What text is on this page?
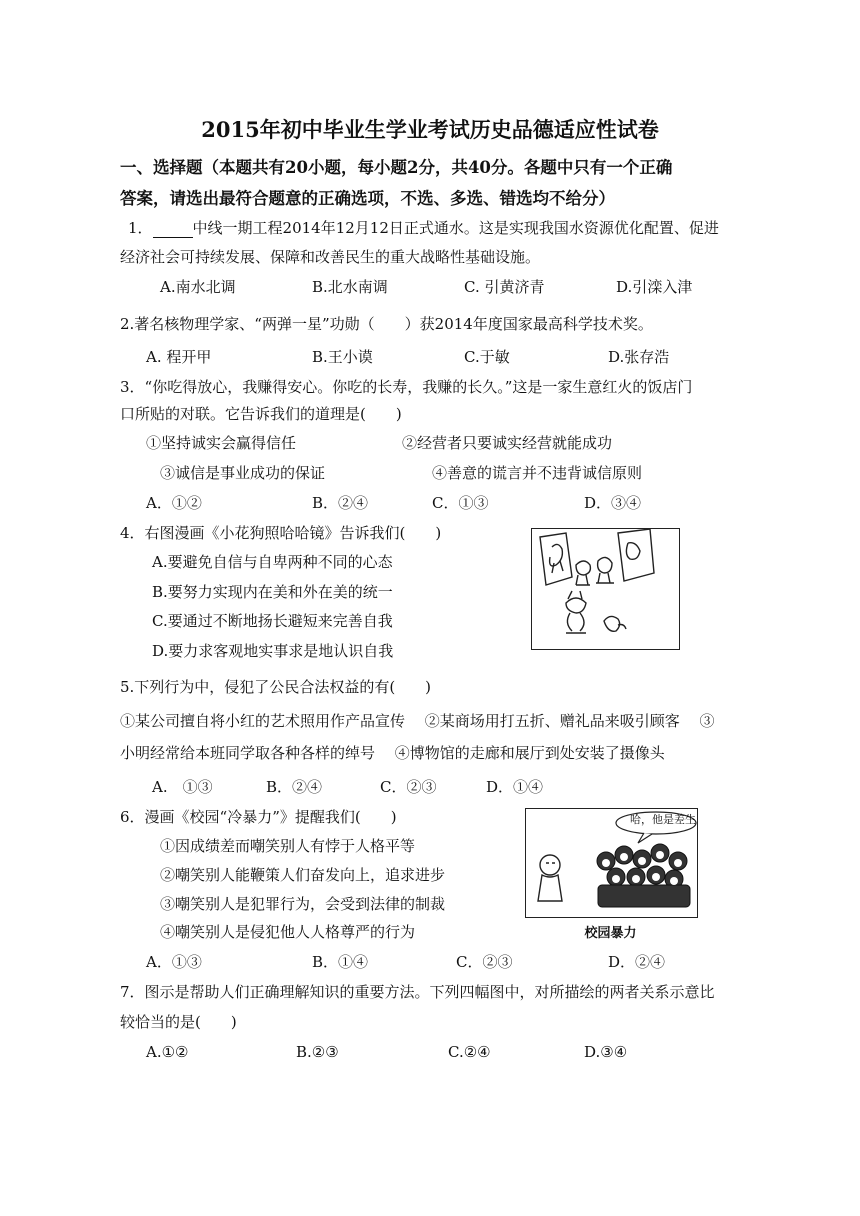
2015年初中毕业生学业考试历史品德适应性试卷
一、选择题（本题共有20小题，每小题2分，共40分。各题中只有一个正确
答案，请选出最符合题意的正确选项，不选、多选、错选均不给分）
1．	中线一期工程2014年12月12日正式通水。这是实现我国水资源优化配置、促进
经济社会可持续发展、保障和改善民生的重大战略性基础设施。
A.南水北调	B.北水南调	C. 引黄济青	D.引滦入津
2.著名核物理学家、“两弹一星”功勋（　　）获2014年度国家最高科学技术奖。
A. 程开甲	B.王小谟	C.于敏	D.张存浩
3．“你吃得放心，我赚得安心。你吃的长寿，我赚的长久。”这是一家生意红火的饭店门
口所贴的对联。它告诉我们的道理是(　　)
①坚持诚实会赢得信任	②经营者只要诚实经营就能成功
③诚信是事业成功的保证	④善意的谎言并不违背诚信原则
A．①②	B．②④	C．①③	D．③④
4．右图漫画《小花狗照哈哈镜》告诉我们(　　)
A.要避免自信与自卑两种不同的心态
B.要努力实现内在美和外在美的统一
C.要通过不断地扬长避短来完善自我
D.要力求客观地实事求是地认识自我
5.下列行为中，侵犯了公民合法权益的有(　　)
①某公司擅自将小红的艺术照用作产品宣传　 ②某商场用打五折、赠礼品来吸引顾客　 ③
小明经常给本班同学取各种各样的绰号　 ④博物馆的走廊和展厅到处安装了摄像头
A.　①③	B．②④	C．②③	D．①④
6．漫画《校园“冷暴力”》提醒我们(　　)
①因成绩差而嘲笑别人有悖于人格平等
②嘲笑别人能鞭策人们奋发向上，追求进步
③嘲笑别人是犯罪行为，会受到法律的制裁
④嘲笑别人是侵犯他人人格尊严的行为
A．①③	B．①④	C．②③	D．②④
哈，他是差生
校园暴力
7．图示是帮助人们正确理解知识的重要方法。下列四幅图中，对所描绘的两者关系示意比
较恰当的是(　　)
A.①②	B.②③	C.②④	D.③④
